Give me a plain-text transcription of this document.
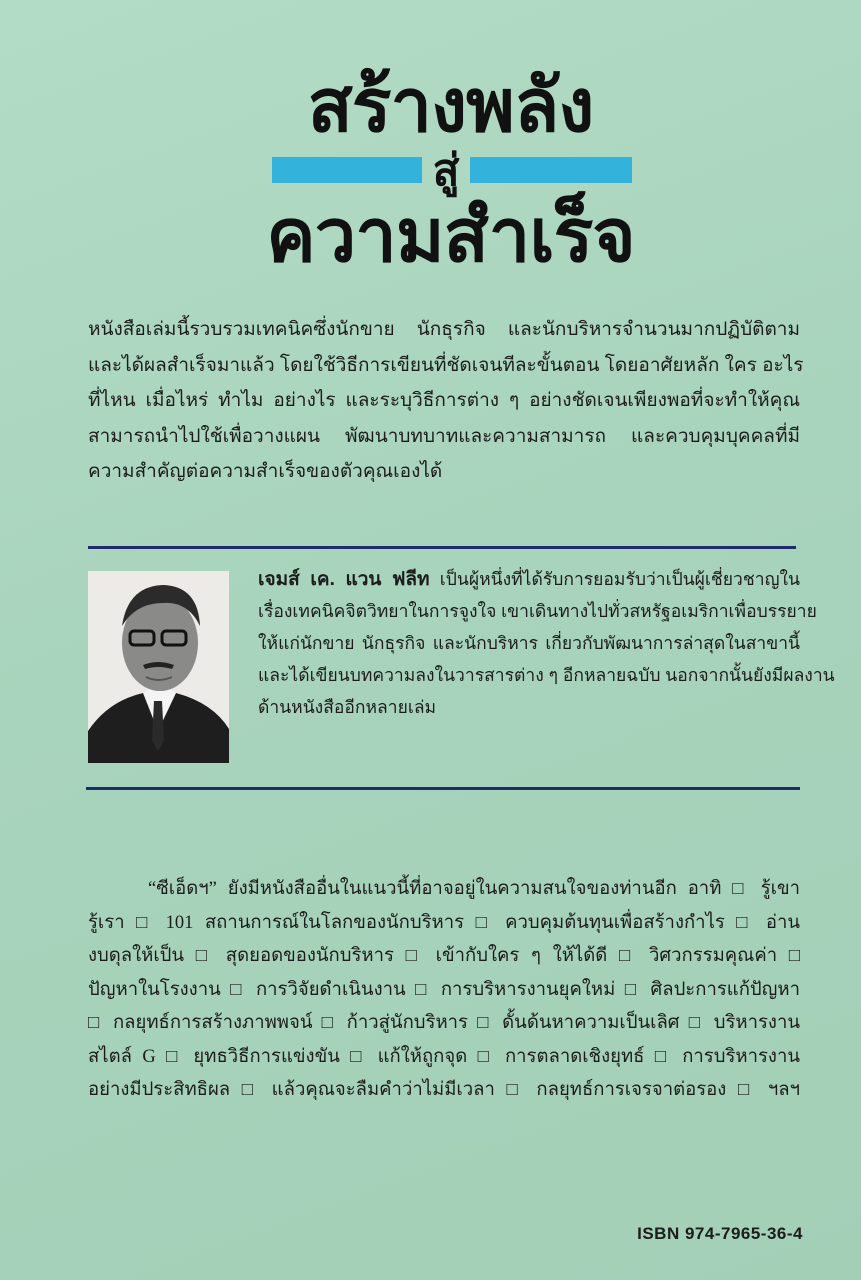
สร้างพลัง
สู่
ความสำเร็จ
หนังสือเล่มนี้รวบรวมเทคนิคซึ่งนักขาย นักธุรกิจ และนักบริหารจำนวนมากปฏิบัติตาม
และได้ผลสำเร็จมาแล้ว โดยใช้วิธีการเขียนที่ชัดเจนทีละขั้นตอน โดยอาศัยหลัก ใคร อะไร
ที่ไหน เมื่อไหร่ ทำไม อย่างไร และระบุวิธีการต่าง ๆ อย่างชัดเจนเพียงพอที่จะทำให้คุณ
สามารถนำไปใช้เพื่อวางแผน พัฒนาบทบาทและความสามารถ และควบคุมบุคคลที่มี
ความสำคัญต่อความสำเร็จของตัวคุณเองได้
เจมส์ เค. แวน ฟลีท เป็นผู้หนึ่งที่ได้รับการยอมรับว่าเป็นผู้เชี่ยวชาญใน
เรื่องเทคนิคจิตวิทยาในการจูงใจ เขาเดินทางไปทั่วสหรัฐอเมริกาเพื่อบรรยาย
ให้แก่นักขาย นักธุรกิจ และนักบริหาร เกี่ยวกับพัฒนาการล่าสุดในสาขานี้
และได้เขียนบทความลงในวารสารต่าง ๆ อีกหลายฉบับ นอกจากนั้นยังมีผลงาน
ด้านหนังสืออีกหลายเล่ม
“ซีเอ็ดฯ” ยังมีหนังสืออื่นในแนวนี้ที่อาจอยู่ในความสนใจของท่านอีก อาทิ □ รู้เขา
รู้เรา □ 101 สถานการณ์ในโลกของนักบริหาร □ ควบคุมต้นทุนเพื่อสร้างกำไร □ อ่าน
งบดุลให้เป็น □ สุดยอดของนักบริหาร □ เข้ากับใคร ๆ ให้ได้ดี □ วิศวกรรมคุณค่า □
ปัญหาในโรงงาน □ การวิจัยดำเนินงาน □ การบริหารงานยุคใหม่ □ ศิลปะการแก้ปัญหา
□ กลยุทธ์การสร้างภาพพจน์ □ ก้าวสู่นักบริหาร □ ดั้นด้นหาความเป็นเลิศ □ บริหารงาน
สไตล์ G □ ยุทธวิธีการแข่งขัน □ แก้ให้ถูกจุด □ การตลาดเชิงยุทธ์ □ การบริหารงาน
อย่างมีประสิทธิผล □ แล้วคุณจะลืมคำว่าไม่มีเวลา □ กลยุทธ์การเจรจาต่อรอง □ ฯลฯ
ISBN 974-7965-36-4
